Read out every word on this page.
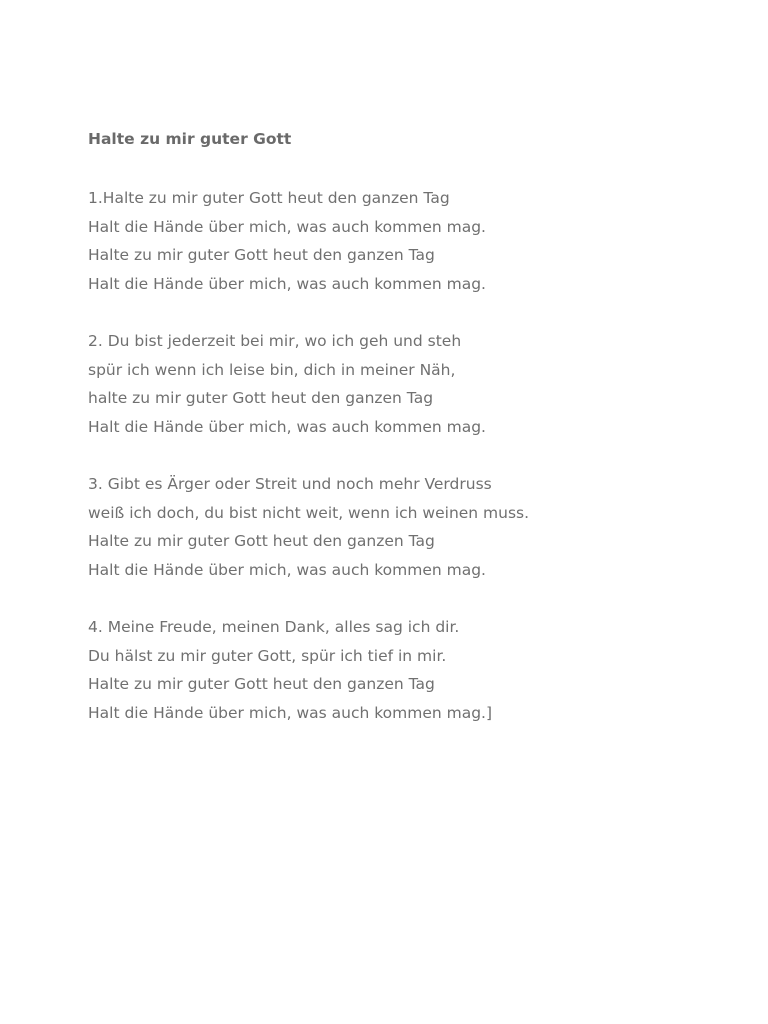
Halte zu mir guter Gott
1.Halte zu mir guter Gott heut den ganzen Tag
Halt die Hände über mich, was auch kommen mag.
Halte zu mir guter Gott heut den ganzen Tag
Halt die Hände über mich, was auch kommen mag.
2. Du bist jederzeit bei mir, wo ich geh und steh
spür ich wenn ich leise bin, dich in meiner Näh,
halte zu mir guter Gott heut den ganzen Tag
Halt die Hände über mich, was auch kommen mag.
3. Gibt es Ärger oder Streit und noch mehr Verdruss
weiß ich doch, du bist nicht weit, wenn ich weinen muss.
Halte zu mir guter Gott heut den ganzen Tag
Halt die Hände über mich, was auch kommen mag.
4. Meine Freude, meinen Dank, alles sag ich dir.
Du hälst zu mir guter Gott, spür ich tief in mir.
Halte zu mir guter Gott heut den ganzen Tag
Halt die Hände über mich, was auch kommen mag.]
